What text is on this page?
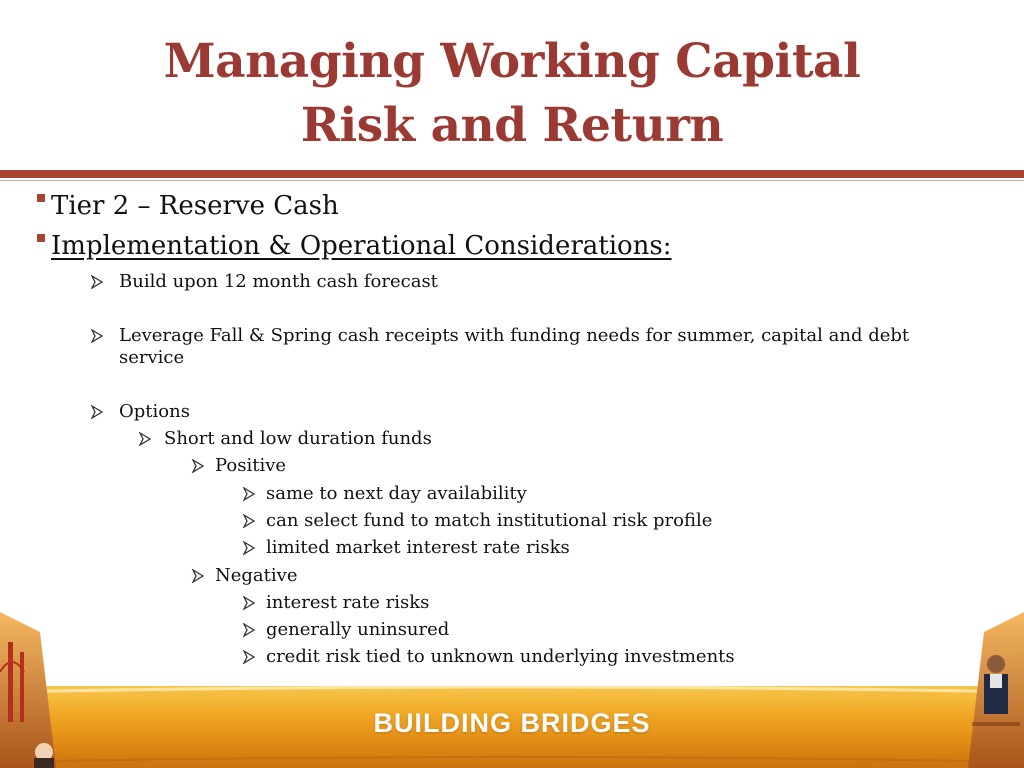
Managing Working Capital
Risk and Return
Tier 2 – Reserve Cash
Implementation & Operational Considerations:
Build upon 12 month cash forecast
Leverage Fall & Spring cash receipts with funding needs for summer, capital and debt
service
Options
Short and low duration funds
Positive
same to next day availability
can select fund to match institutional risk profile
limited market interest rate risks
Negative
interest rate risks
generally uninsured
credit risk tied to unknown underlying investments
BUILDING BRIDGES
